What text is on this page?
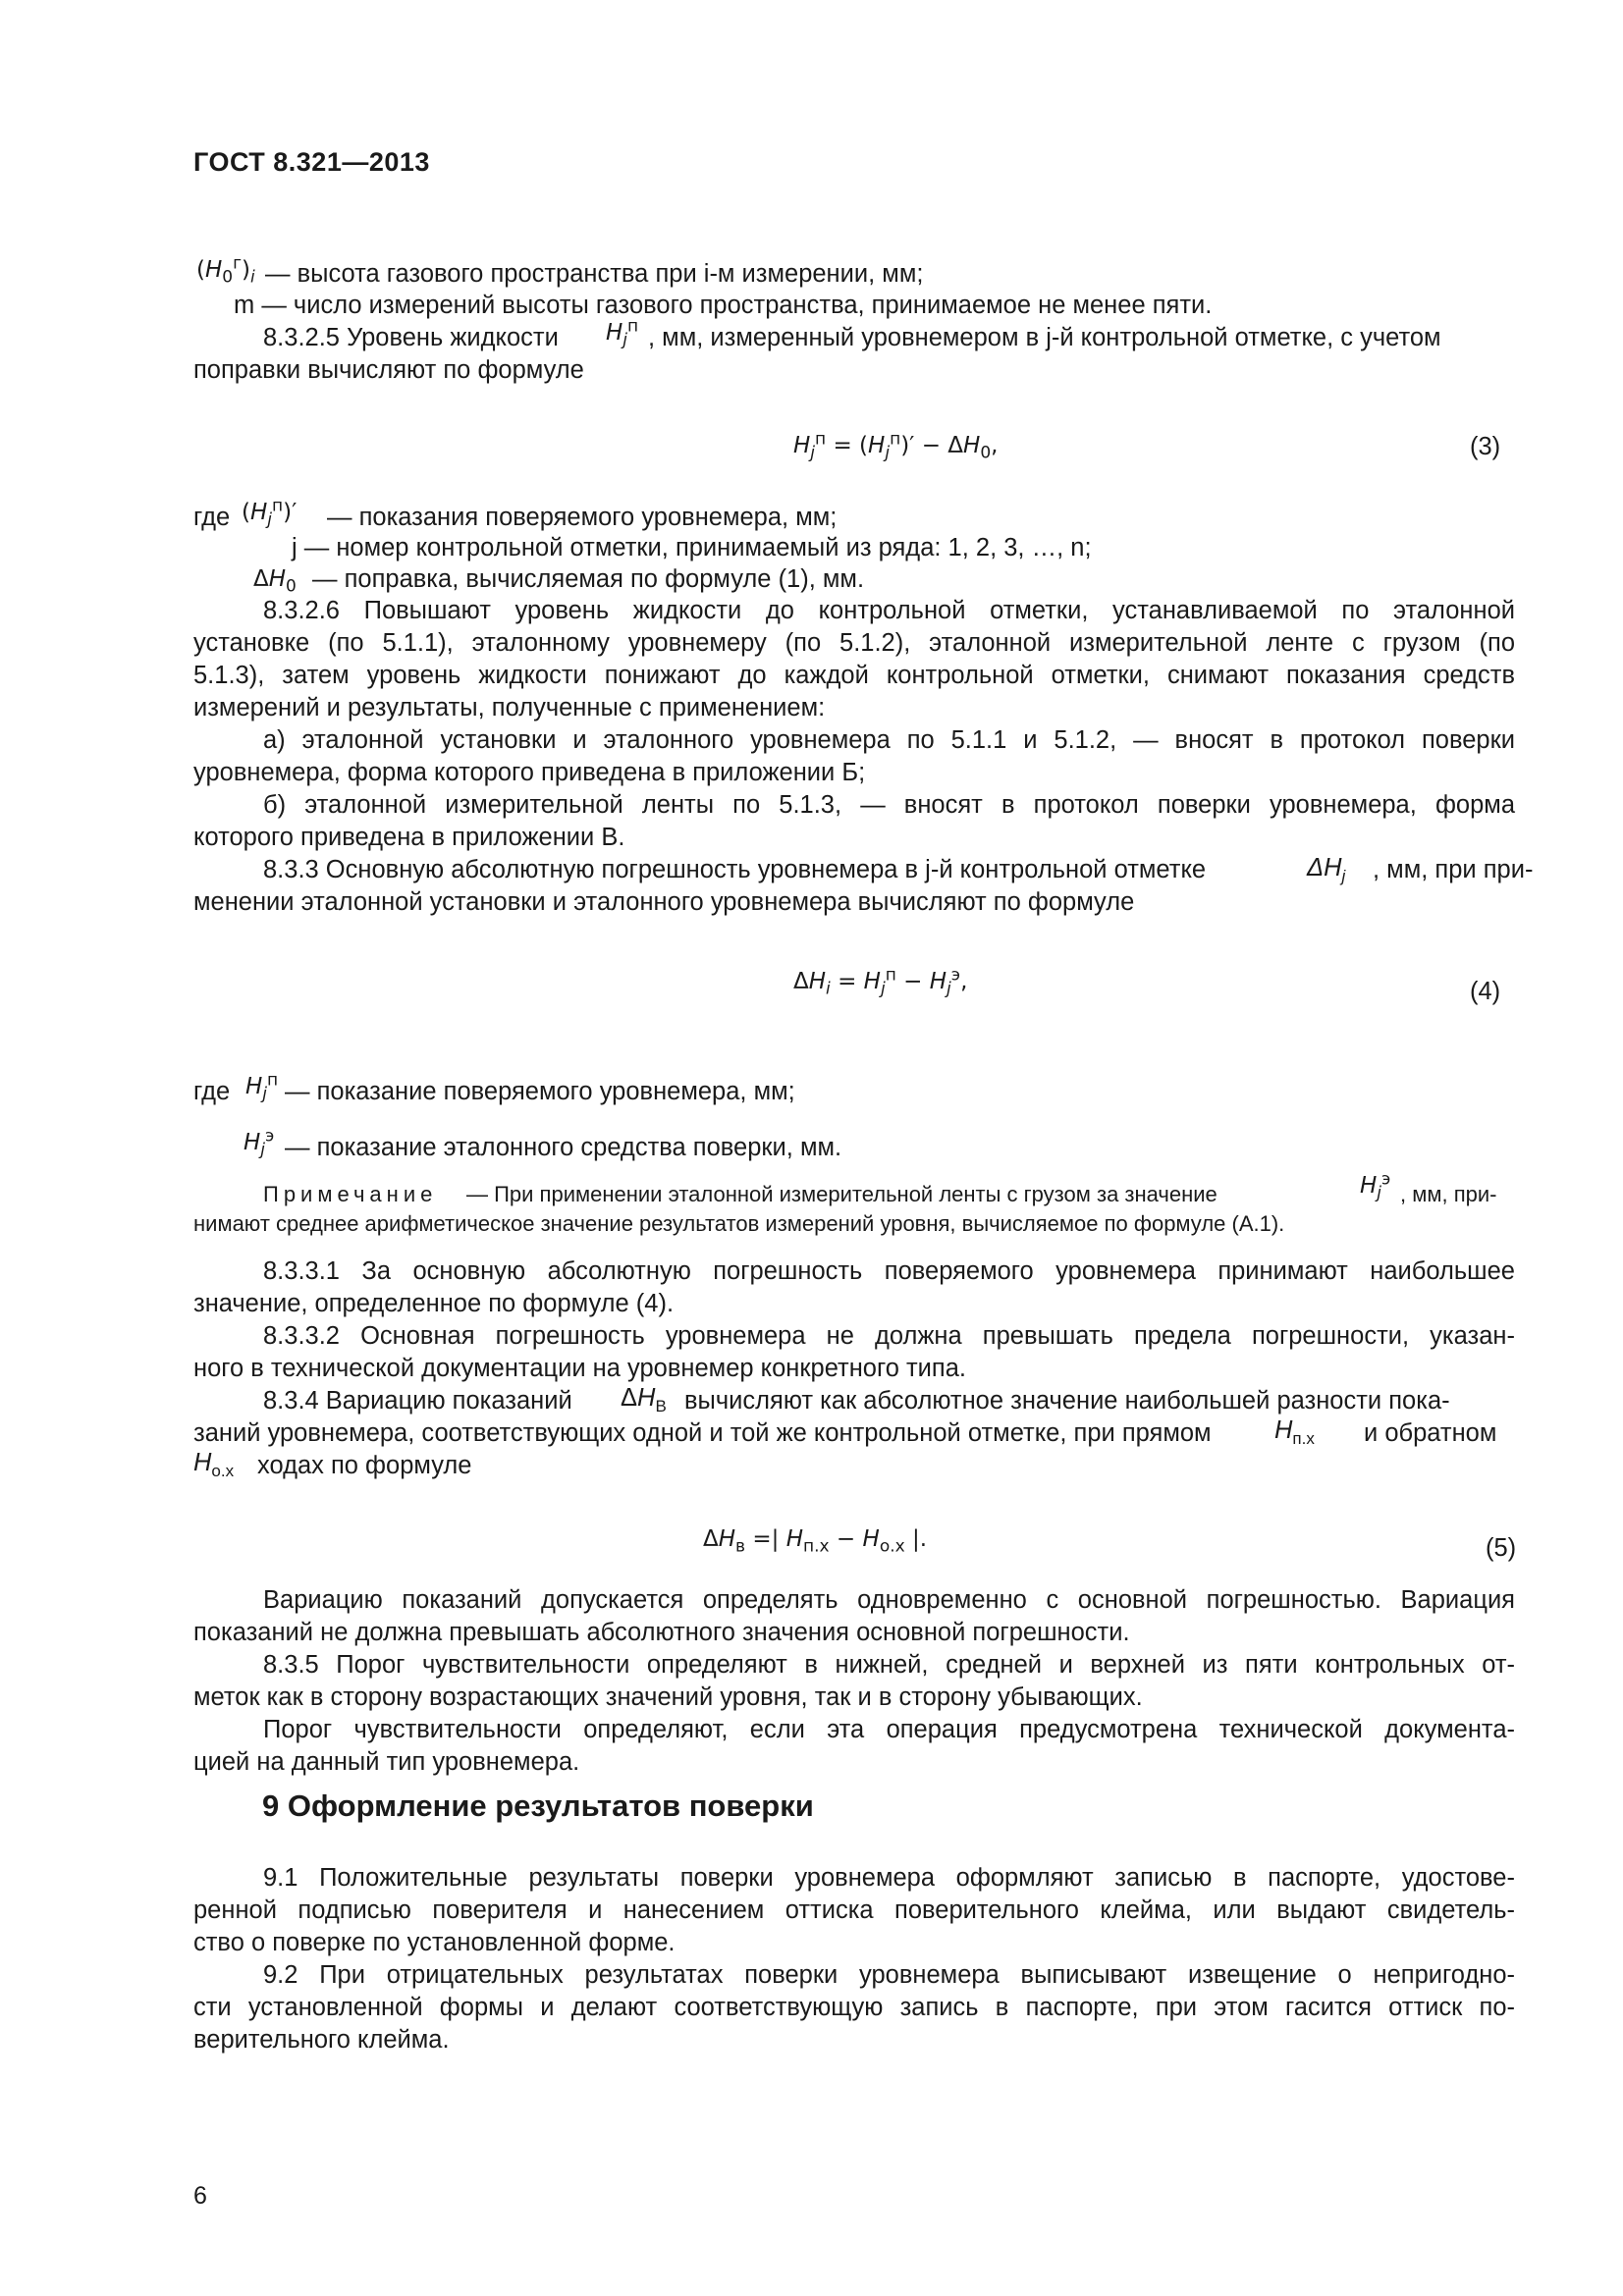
ГОСТ 8.321—2013
$(H_0^г)_i$ — высота газового пространства при i-м измерении, мм;
m — число измерений высоты газового пространства, принимаемое не менее пяти.
8.3.2.5 Уровень жидкости $H_j^п$ , мм, измеренный уровнемером в j-й контрольной отметке, с учетом
поправки вычисляют по формуле
$H_j^п = (H_j^п)' - \Delta H_0$,	(3)
где $(H_j^п)'$ — показания поверяемого уровнемера, мм;
j — номер контрольной отметки, принимаемый из ряда: 1, 2, 3, …, n;
$\Delta H_0$ — поправка, вычисляемая по формуле (1), мм.
8.3.2.6 Повышают уровень жидкости до контрольной отметки, устанавливаемой по эталонной
установке (по 5.1.1), эталонному уровнемеру (по 5.1.2), эталонной измерительной ленте с грузом (по
5.1.3), затем уровень жидкости понижают до каждой контрольной отметки, снимают показания средств
измерений и результаты, полученные с применением:
а) эталонной установки и эталонного уровнемера по 5.1.1 и 5.1.2, — вносят в протокол поверки
уровнемера, форма которого приведена в приложении Б;
б) эталонной измерительной ленты по 5.1.3, — вносят в протокол поверки уровнемера, форма
которого приведена в приложении В.
8.3.3 Основную абсолютную погрешность уровнемера в j-й контрольной отметке	$\Delta H_j$ , мм, при при-
менении эталонной установки и эталонного уровнемера вычисляют по формуле
$\Delta H_i = H_j^п - H_j^э$,	(4)
где $H_j^п$ — показание поверяемого уровнемера, мм;
$H_j^э$ — показание эталонного средства поверки, мм.
Примечание — При применении эталонной измерительной ленты с грузом за значение	$H_j^э$
, мм, при-
нимают среднее арифметическое значение результатов измерений уровня, вычисляемое по формуле (А.1).
8.3.3.1 За основную абсолютную погрешность поверяемого уровнемера принимают наибольшее
значение, определенное по формуле (4).
8.3.3.2 Основная погрешность уровнемера не должна превышать предела погрешности, указан-
ного в технической документации на уровнемер конкретного типа.
8.3.4 Вариацию показаний $\Delta H_В$ вычисляют как абсолютное значение наибольшей разности пока-
заний уровнемера, соответствующих одной и той же контрольной отметке, при прямом	$H_{п.х}$ и обратном
$H_{о.х}$ ходах по формуле
$\Delta H_в$ =| $H_{п.х} - H_{о.х}$ |.	(5)
Вариацию показаний допускается определять одновременно с основной погрешностью. Вариация
показаний не должна превышать абсолютного значения основной погрешности.
8.3.5 Порог чувствительности определяют в нижней, средней и верхней из пяти контрольных от-
меток как в сторону возрастающих значений уровня, так и в сторону убывающих.
Порог чувствительности определяют, если эта операция предусмотрена технической документа-
цией на данный тип уровнемера.
9 Оформление результатов поверки
9.1 Положительные результаты поверки уровнемера оформляют записью в паспорте, удостове-
ренной подписью поверителя и нанесением оттиска поверительного клейма, или выдают свидетель-
ство о поверке по установленной форме.
9.2 При отрицательных результатах поверки уровнемера выписывают извещение о непригодно-
сти установленной формы и делают соответствующую запись в паспорте, при этом гасится оттиск по-
верительного клейма.
6
